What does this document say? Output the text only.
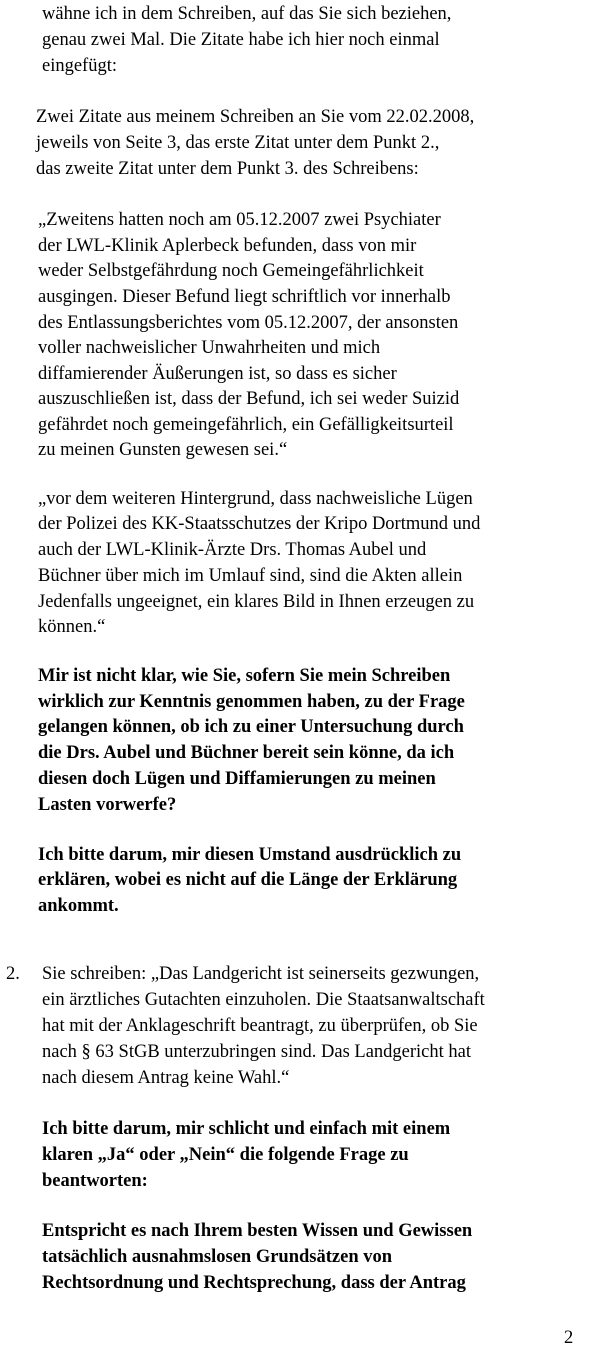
wähne ich in dem Schreiben, auf das Sie sich beziehen,
genau zwei Mal. Die Zitate habe ich hier noch einmal
eingefügt:
Zwei Zitate aus meinem Schreiben an Sie vom 22.02.2008,
jeweils von Seite 3, das erste Zitat unter dem Punkt 2.,
das zweite Zitat unter dem Punkt 3. des Schreibens:
„Zweitens hatten noch am 05.12.2007 zwei Psychiater
der LWL-Klinik Aplerbeck befunden, dass von mir
weder Selbstgefährdung noch Gemeingefährlichkeit
ausgingen. Dieser Befund liegt schriftlich vor innerhalb
des Entlassungsberichtes vom 05.12.2007, der ansonsten
voller nachweislicher Unwahrheiten und mich
diffamierender Äußerungen ist, so dass es sicher
auszuschließen ist, dass der Befund, ich sei weder Suizid
gefährdet noch gemeingefährlich, ein Gefälligkeitsurteil
zu meinen Gunsten gewesen sei.“
„vor dem weiteren Hintergrund, dass nachweisliche Lügen
der Polizei des KK-Staatsschutzes der Kripo Dortmund und
auch der LWL-Klinik-Ärzte Drs. Thomas Aubel und
Büchner über mich im Umlauf sind, sind die Akten allein
Jedenfalls ungeeignet, ein klares Bild in Ihnen erzeugen zu
können.“
Mir ist nicht klar, wie Sie, sofern Sie mein Schreiben
wirklich zur Kenntnis genommen haben, zu der Frage
gelangen können, ob ich zu einer Untersuchung durch
die Drs. Aubel und Büchner bereit sein könne, da ich
diesen doch Lügen und Diffamierungen zu meinen
Lasten vorwerfe?
Ich bitte darum, mir diesen Umstand ausdrücklich zu
erklären, wobei es nicht auf die Länge der Erklärung
ankommt.
2. Sie schreiben: „Das Landgericht ist seinerseits gezwungen,
ein ärztliches Gutachten einzuholen. Die Staatsanwaltschaft
hat mit der Anklageschrift beantragt, zu überprüfen, ob Sie
nach § 63 StGB unterzubringen sind. Das Landgericht hat
nach diesem Antrag keine Wahl.“
Ich bitte darum, mir schlicht und einfach mit einem
klaren „Ja“ oder „Nein“ die folgende Frage zu
beantworten:
Entspricht es nach Ihrem besten Wissen und Gewissen
tatsächlich ausnahmslosen Grundsätzen von
Rechtsordnung und Rechtsprechung, dass der Antrag
2
